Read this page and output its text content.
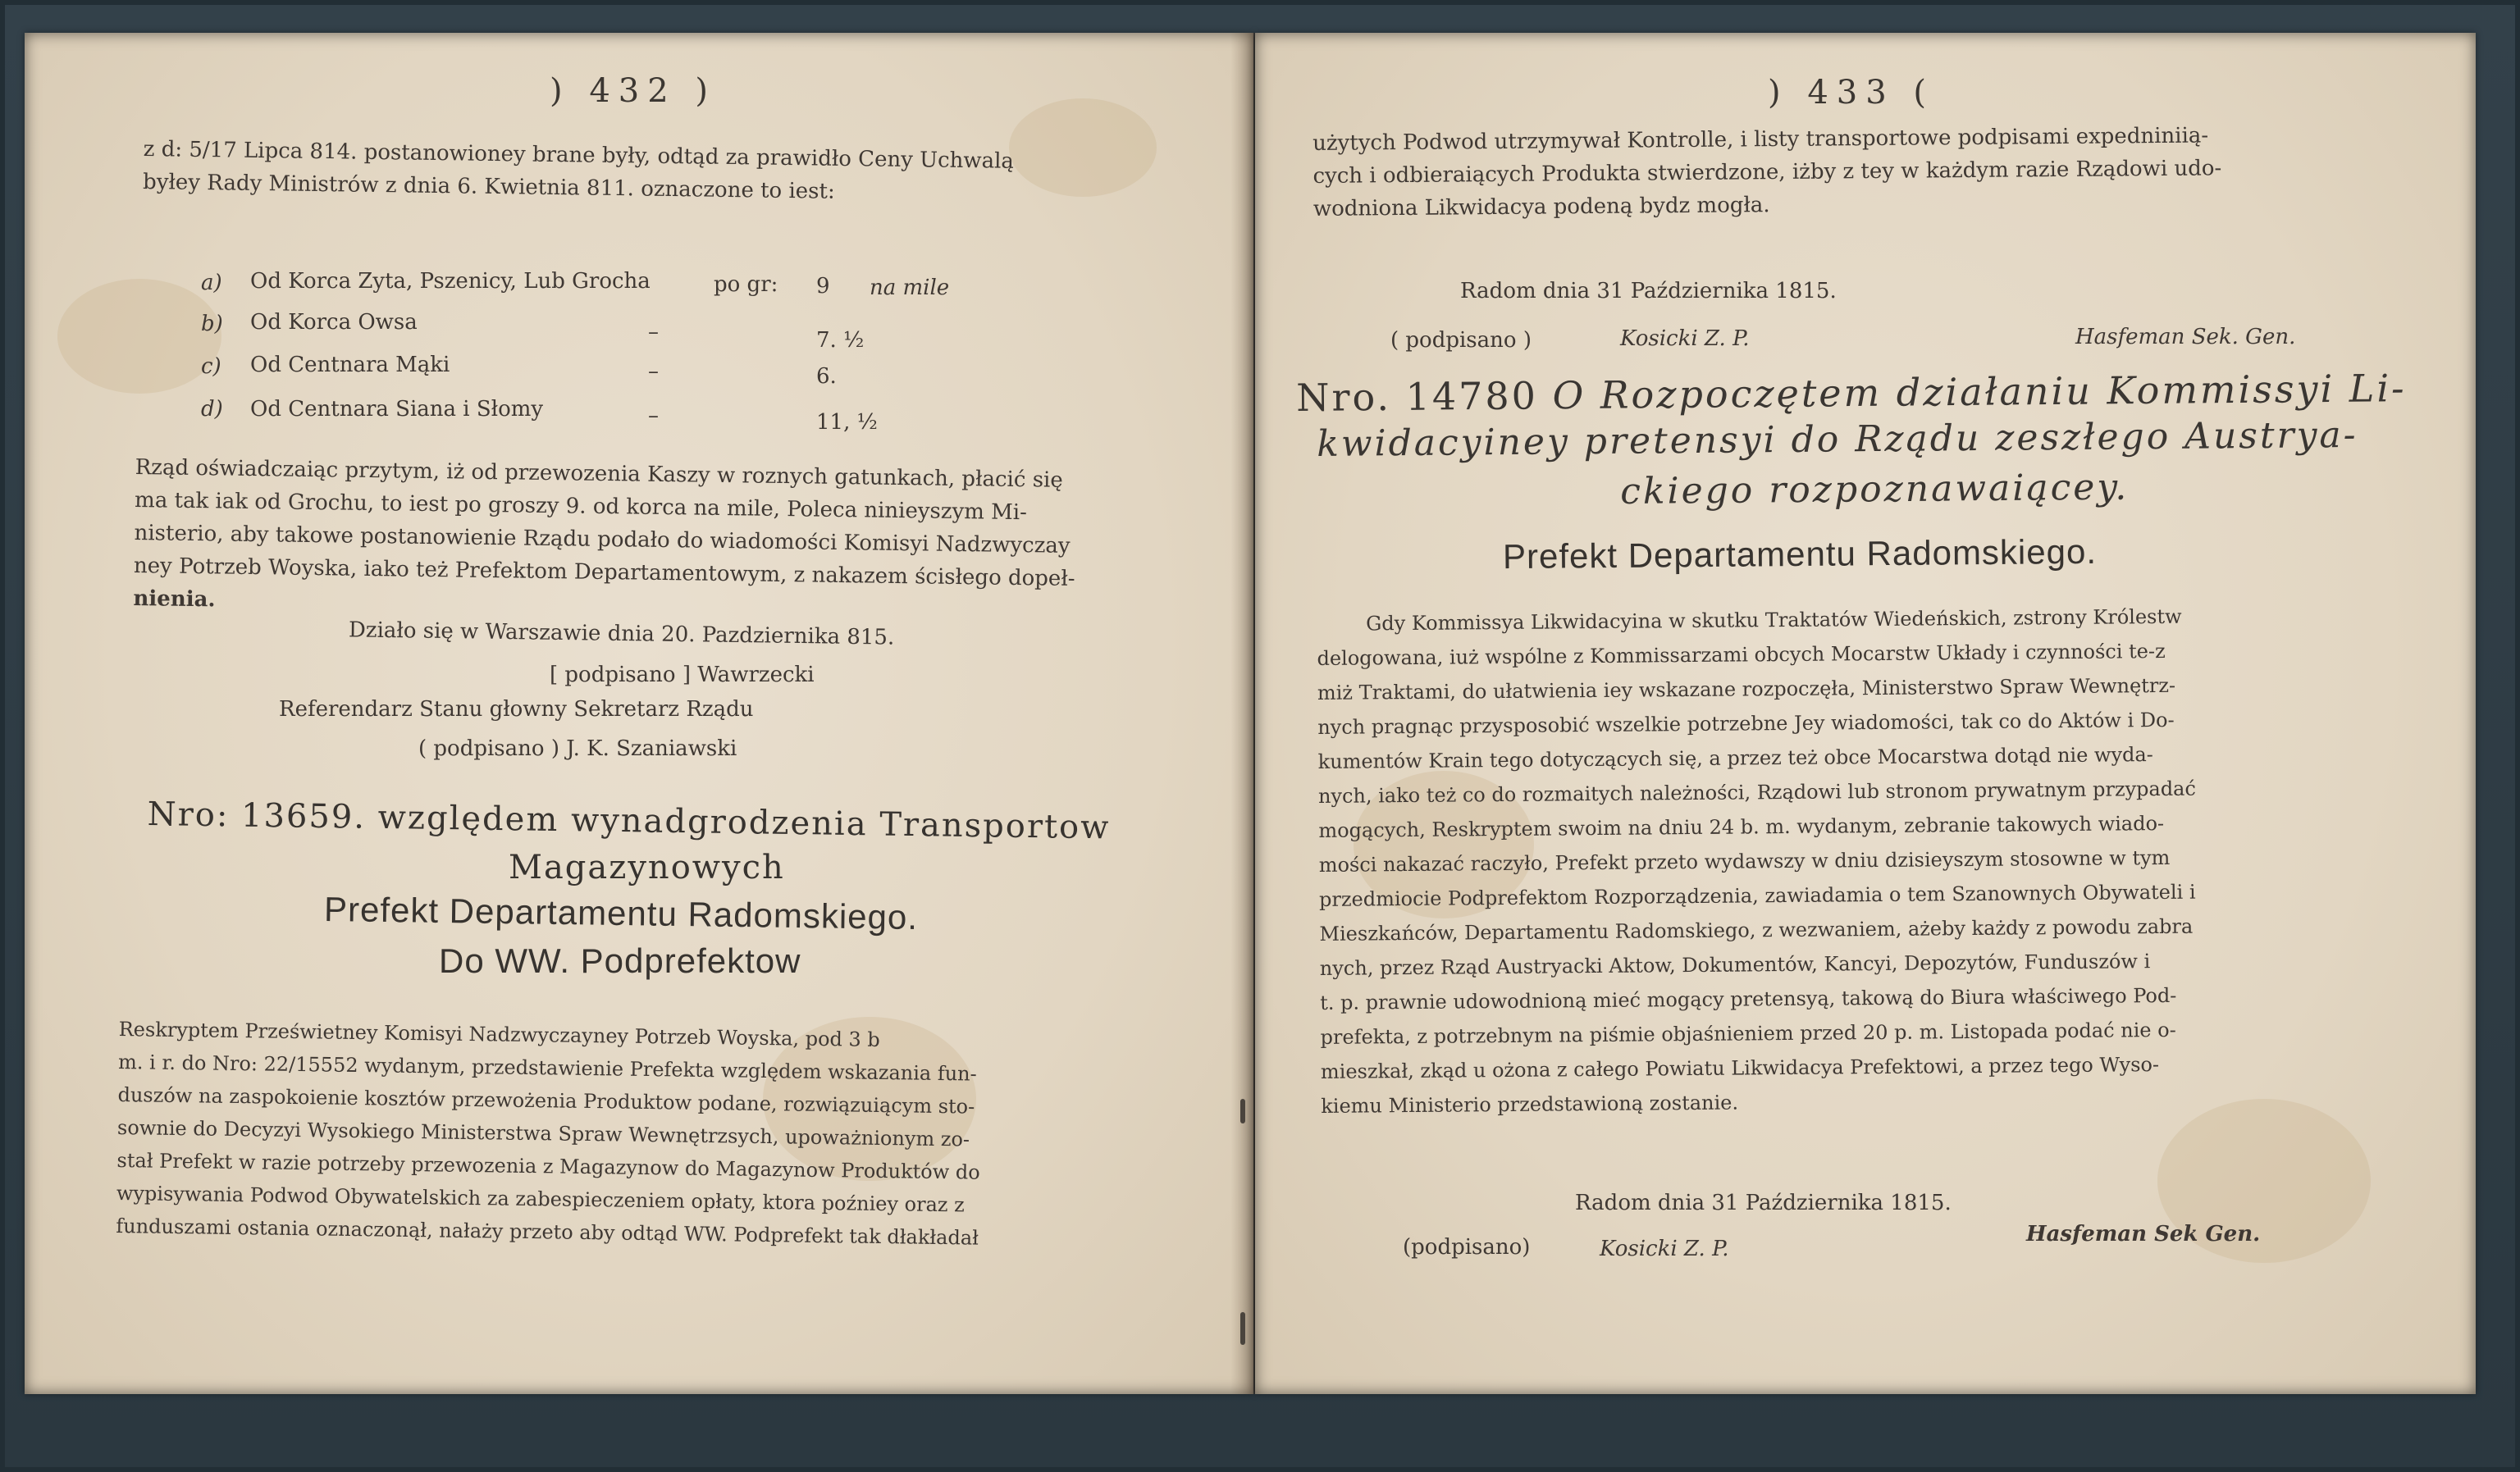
) 432 )

z d: 5/17 Lipca 814. postanowioney brane były, odtąd za prawidło Ceny Uchwalą

byłey Rady Ministrów z dnia 6. Kwietnia 811. oznaczone to iest:

a) Od Korca Zyta, Pszenicy, Lub Grocha	po gr: 9 na mile
b) Od Korca Owsa	–	7. ½
c) Od Centnara Mąki	–	6.
d) Od Centnara Siana i Słomy	–	11, ½

Rząd oświadczaiąc przytym, iż od przewozenia Kaszy w roznych gatunkach, płacić się

ma tak iak od Grochu, to iest po groszy 9. od korca na mile, Poleca ninieyszym Mi-

nisterio, aby takowe postanowienie Rządu podało do wiadomości Komisyi Nadzwyczay

ney Potrzeb Woyska, iako też Prefektom Departamentowym, z nakazem ścisłego dopeł-

nienia.

Działo się w Warszawie dnia 20. Pazdziernika 815.
[ podpisano ] Wawrzecki
Referendarz Stanu głowny Sekretarz Rządu
( podpisano ) J. K. Szaniawski
Nro: 13659. względem wynadgrodzenia Transportow
Magazynowych
Prefekt Departamentu Radomskiego.
Do WW. Podprefektow

Reskryptem Prześwietney Komisyi Nadzwyczayney Potrzeb Woyska, pod 3 b

m. i r. do Nro: 22/15552 wydanym, przedstawienie Prefekta względem wskazania fun-

duszów na zaspokoienie kosztów przewożenia Produktow podane, rozwiązuiącym sto-

sownie do Decyzyi Wysokiego Ministerstwa Spraw Wewnętrzsych, upoważnionym zo-

stał Prefekt w razie potrzeby przewozenia z Magazynow do Magazynow Produktów do

wypisywania Podwod Obywatelskich za zabespieczeniem opłaty, ktora poźniey oraz z

funduszami ostania oznaczonął, nałaży przeto aby odtąd WW. Podprefekt tak dłakładał

) 433 (

użytych Podwod utrzymywał Kontrolle, i listy transportowe podpisami expedniniią-

cych i odbieraiących Produkta stwierdzone, iżby z tey w każdym razie Rządowi udo-

wodniona Likwidacya podeną bydz mogła.

Radom dnia 31 Października 1815.
( podpisano )	Kosicki Z. P.	Hasfeman Sek. Gen.
Nro. 14780 O Rozpoczętem działaniu Kommissyi Li-
kwidacyiney pretensyi do Rządu zeszłego Austrya-
ckiego rozpoznawaiącey.
Prefekt Departamentu Radomskiego.

Gdy Kommissya Likwidacyina w skutku Traktatów Wiedeńskich, zstrony Królestw

delogowana, iuż wspólne z Kommissarzami obcych Mocarstw Układy i czynności te-z

miż Traktami, do ułatwienia iey wskazane rozpoczęła, Ministerstwo Spraw Wewnętrz-

nych pragnąc przysposobić wszelkie potrzebne Jey wiadomości, tak co do Aktów i Do-

kumentów Krain tego dotyczących się, a przez też obce Mocarstwa dotąd nie wyda-

nych, iako też co do rozmaitych należności, Rządowi lub stronom prywatnym przypadać

mogących, Reskryptem swoim na dniu 24 b. m. wydanym, zebranie takowych wiado-

mości nakazać raczyło, Prefekt przeto wydawszy w dniu dzisieyszym stosowne w tym

przedmiocie Podprefektom Rozporządzenia, zawiadamia o tem Szanownych Obywateli i

Mieszkańców, Departamentu Radomskiego, z wezwaniem, ażeby każdy z powodu zabra

nych, przez Rząd Austryacki Aktow, Dokumentów, Kancyi, Depozytów, Funduszów i

t. p. prawnie udowodnioną mieć mogący pretensyą, takową do Biura właściwego Pod-

prefekta, z potrzebnym na piśmie objaśnieniem przed 20 p. m. Listopada podać nie o-

mieszkał, zkąd u ożona z całego Powiatu Likwidacya Prefektowi, a przez tego Wyso-

kiemu Ministerio przedstawioną zostanie.

Radom dnia 31 Października 1815.
(podpisano)	Kosicki Z. P.
Hasfeman Sek Gen.
